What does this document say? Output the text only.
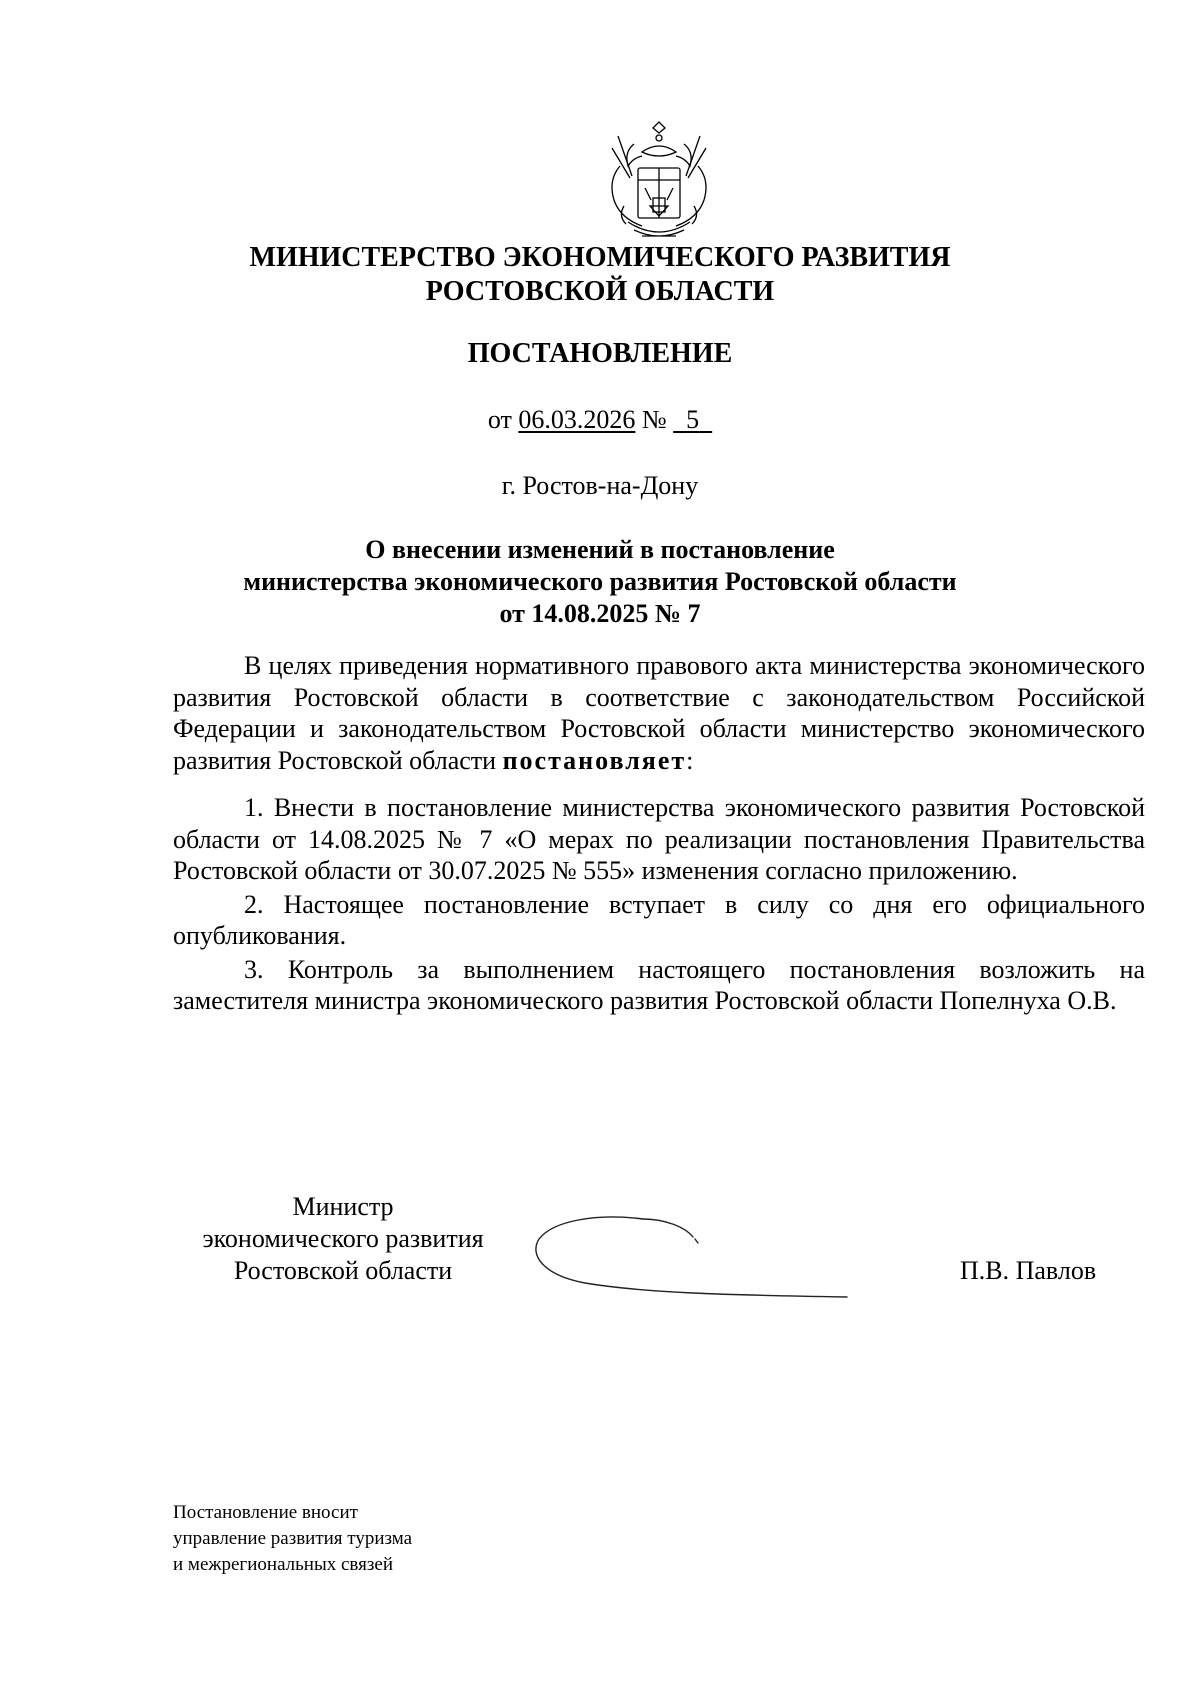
МИНИСТЕРСТВО ЭКОНОМИЧЕСКОГО РАЗВИТИЯ
РОСТОВСКОЙ ОБЛАСТИ
ПОСТАНОВЛЕНИЕ
от 06.03.2026 № 5
г. Ростов-на-Дону
О внесении изменений в постановление
министерства экономического развития Ростовской области
от 14.08.2025 № 7

В целях приведения нормативного правового акта министерства экономического развития Ростовской области в соответствие с законодательством Российской Федерации и законодательством Ростовской области министерство экономического развития Ростовской области постановляет:

1. Внести в постановление министерства экономического развития Ростовской области от 14.08.2025 № 7 «О мерах по реализации постановления Правительства Ростовской области от 30.07.2025 № 555» изменения согласно приложению.

2. Настоящее постановление вступает в силу со дня его официального опубликования.

3. Контроль за выполнением настоящего постановления возложить на заместителя министра экономического развития Ростовской области Попелнуха О.В.

Министр
экономического развития
Ростовской области	П.В. Павлов
Постановление вносит
управление развития туризма
и межрегиональных связей
